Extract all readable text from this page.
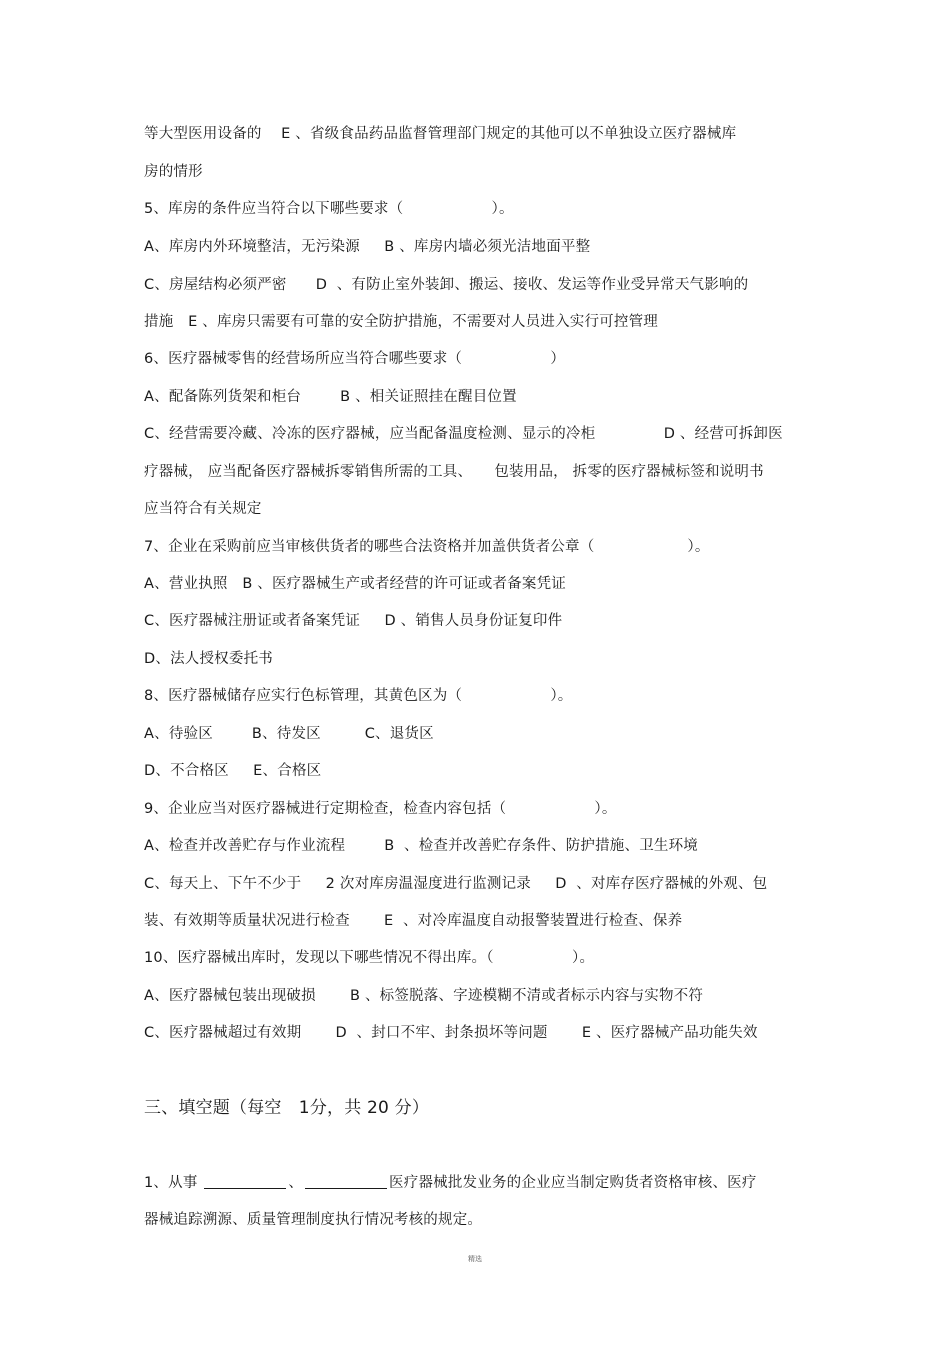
等大型医用设备的　 E 、省级食品药品监督管理部门规定的其他可以不单独设立医疗器械库
房的情形
5、库房的条件应当符合以下哪些要求（　　　　　　）。
A、库房内外环境整洁，无污染源　  B 、库房内墙必须光洁地面平整
C、房屋结构必须严密　   D  、有防止室外装卸、搬运、接收、发运等作业受异常天气影响的
措施　E 、库房只需要有可靠的安全防护措施，不需要对人员进入实行可控管理
6、医疗器械零售的经营场所应当符合哪些要求（　　　　　　）
A、配备陈列货架和柜台　　  B 、相关证照挂在醒目位置
C、经营需要冷藏、冷冻的医疗器械，应当配备温度检测、显示的冷柜　　　　  D 、经营可拆卸医
疗器械， 应当配备医疗器械拆零销售所需的工具、　　包装用品， 拆零的医疗器械标签和说明书
应当符合有关规定
7、企业在采购前应当审核供货者的哪些合法资格并加盖供货者公章（　　　　　　 ）。
A、营业执照　B 、医疗器械生产或者经营的许可证或者备案凭证
C、医疗器械注册证或者备案凭证　  D 、销售人员身份证复印件
D、法人授权委托书
8、医疗器械储存应实行色标管理，其黄色区为（　　　　　　）。
A、待验区　　  B、待发区　　   C、退货区
D、不合格区　  E、合格区
9、企业应当对医疗器械进行定期检查，检查内容包括（　　　　　　）。
A、检查并改善贮存与作业流程　　  B  、检查并改善贮存条件、防护措施、卫生环境
C、每天上、下午不少于　  2 次对库房温湿度进行监测记录　  D  、对库存医疗器械的外观、包
装、有效期等质量状况进行检查　　 E  、对冷库温度自动报警装置进行检查、保养
10、医疗器械出库时，发现以下哪些情况不得出库。（　　　　　 ）。
A、医疗器械包装出现破损　　 B 、标签脱落、字迹模糊不清或者标示内容与实物不符
C、医疗器械超过有效期　　 D  、封口不牢、封条损坏等问题　　 E 、医疗器械产品功能失效
三、填空题（每空　1分，共 20 分）
1、从事	、	医疗器械批发业务的企业应当制定购货者资格审核、医疗
器械追踪溯源、质量管理制度执行情况考核的规定。
精选
